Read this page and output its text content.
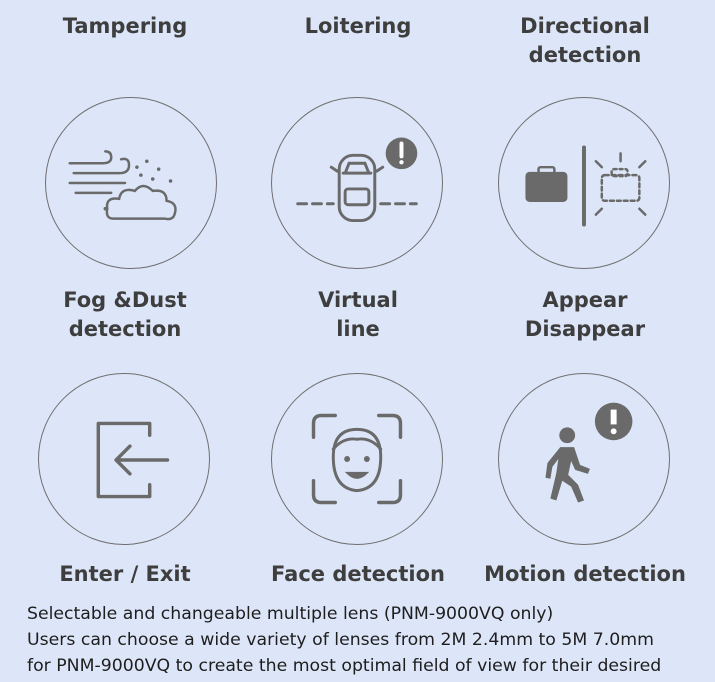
Tampering	Loitering	Directional
detection
Fog &Dust
detection
Virtual
line
Appear
Disappear
Enter / Exit	Face detection Motion detection
Selectable and changeable multiple lens (PNM-9000VQ only)
Users can choose a wide variety of lenses from 2M 2.4mm to 5M 7.0mm
for PNM-9000VQ to create the most optimal field of view for their desired
